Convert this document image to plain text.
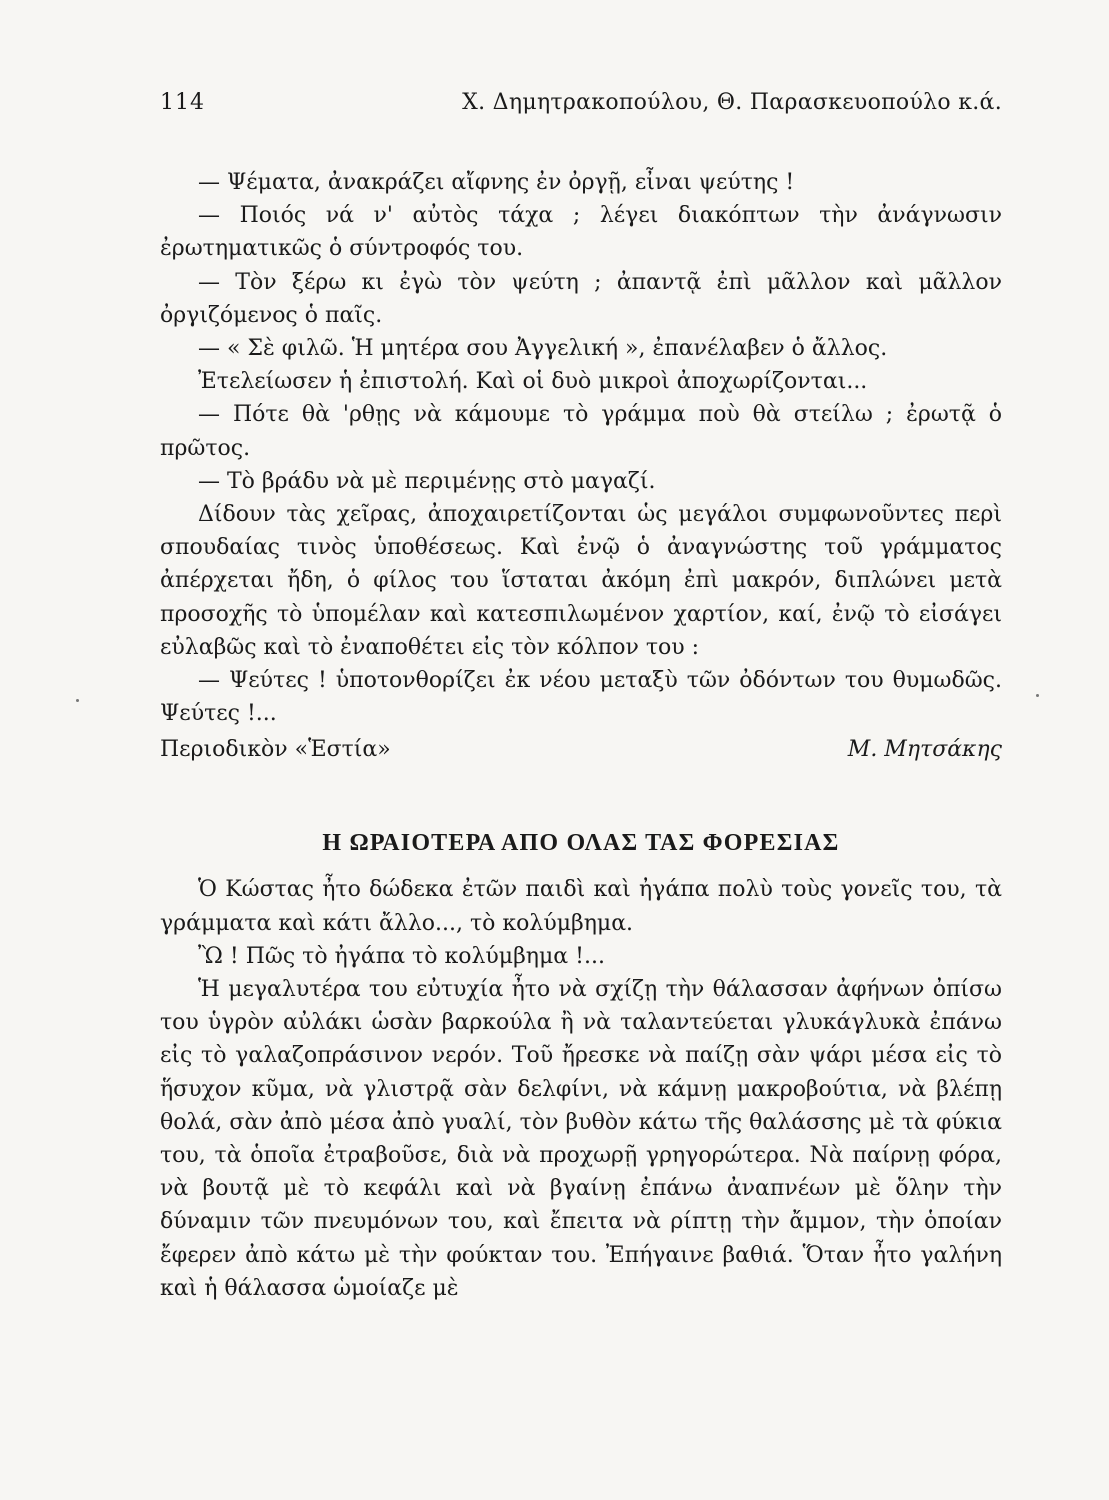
114	Χ. Δημητρακοπούλου, Θ. Παρασκευοπούλο κ.ά.

— Ψέματα, ἀνακράζει αἴφνης ἐν ὀργῇ, εἶναι ψεύτης !

— Ποιός νά ν' αὐτὸς τάχα ; λέγει διακόπτων τὴν ἀνάγνωσιν ἐρωτηματικῶς ὁ σύντροφός του.

— Τὸν ξέρω κι ἐγὼ τὸν ψεύτη ; ἀπαντᾷ ἐπὶ μᾶλλον καὶ μᾶλλον ὀργιζόμενος ὁ παῖς.

— « Σὲ φιλῶ. Ἡ μητέρα σου Ἀγγελική », ἐπανέλαβεν ὁ ἄλλος.

Ἐτελείωσεν ἡ ἐπιστολή. Καὶ οἱ δυὸ μικροὶ ἀποχωρίζονται...

— Πότε θὰ 'ρθῃς νὰ κάμουμε τὸ γράμμα ποὺ θὰ στείλω ; ἐρωτᾷ ὁ πρῶτος.

— Τὸ βράδυ νὰ μὲ περιμένῃς στὸ μαγαζί.

Δίδουν τὰς χεῖρας, ἀποχαιρετίζονται ὡς μεγάλοι συμφωνοῦντες περὶ σπουδαίας τινὸς ὑποθέσεως. Καὶ ἐνῷ ὁ ἀναγνώστης τοῦ γράμματος ἀπέρχεται ἤδη, ὁ φίλος του ἵσταται ἀκόμη ἐπὶ μακρόν, διπλώνει μετὰ προσοχῆς τὸ ὑπομέλαν καὶ κατεσπιλωμένον χαρτίον, καί, ἐνῷ τὸ εἰσάγει εὐλαβῶς καὶ τὸ ἐναποθέτει εἰς τὸν κόλπον του :

— Ψεύτες ! ὑποτονθορίζει ἐκ νέου μεταξὺ τῶν ὀδόντων του θυμωδῶς. Ψεύτες !...

Περιοδικὸν «Ἑστία»	Μ. Μητσάκης
Η ΩΡΑΙΟΤΕΡΑ ΑΠΟ ΟΛΑΣ ΤΑΣ ΦΟΡΕΣΙΑΣ

Ὁ Κώστας ἦτο δώδεκα ἐτῶν παιδὶ καὶ ἠγάπα πολὺ τοὺς γονεῖς του, τὰ γράμματα καὶ κάτι ἄλλο..., τὸ κολύμβημα.

Ὢ ! Πῶς τὸ ἠγάπα τὸ κολύμβημα !...

Ἡ μεγαλυτέρα του εὐτυχία ἦτο νὰ σχίζῃ τὴν θάλασσαν ἀφήνων ὀπίσω του ὑγρὸν αὐλάκι ὡσὰν βαρκούλα ἢ νὰ ταλαντεύεται γλυκάγλυκὰ ἐπάνω εἰς τὸ γαλαζοπράσινον νερόν. Τοῦ ἤρεσκε νὰ παίζῃ σὰν ψάρι μέσα εἰς τὸ ἥσυχον κῦμα, νὰ γλιστρᾷ σὰν δελφίνι, νὰ κάμνῃ μακροβούτια, νὰ βλέπῃ θολά, σὰν ἀπὸ μέσα ἀπὸ γυαλί, τὸν βυθὸν κάτω τῆς θαλάσσης μὲ τὰ φύκια του, τὰ ὁποῖα ἐτραβοῦσε, διὰ νὰ προχωρῇ γρηγορώτερα. Νὰ παίρνῃ φόρα, νὰ βουτᾷ μὲ τὸ κεφάλι καὶ νὰ βγαίνῃ ἐπάνω ἀναπνέων μὲ ὅλην τὴν δύναμιν τῶν πνευμόνων του, καὶ ἔπειτα νὰ ρίπτῃ τὴν ἄμμον, τὴν ὁποίαν ἔφερεν ἀπὸ κάτω μὲ τὴν φούκταν του. Ἐπήγαινε βαθιά. Ὅταν ἦτο γαλήνη καὶ ἡ θάλασσα ὡμοίαζε μὲ
